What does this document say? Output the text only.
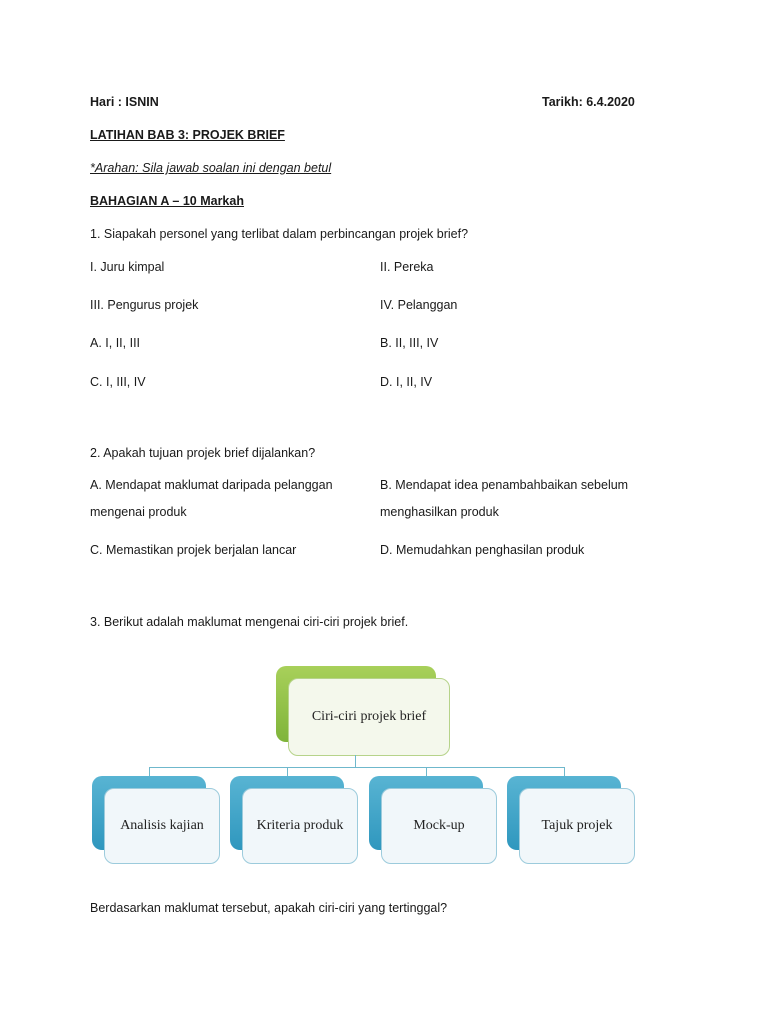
Hari : ISNIN	Tarikh: 6.4.2020
LATIHAN BAB 3: PROJEK BRIEF
*Arahan: Sila jawab soalan ini dengan betul
BAHAGIAN A – 10 Markah
1. Siapakah personel yang terlibat dalam perbincangan projek brief?
I. Juru kimpal	II. Pereka
III. Pengurus projek	IV. Pelanggan
A. I, II, III	B. II, III, IV
C. I, III, IV	D. I, II, IV
2. Apakah tujuan projek brief dijalankan?
A. Mendapat maklumat daripada pelanggan
mengenai produk
B. Mendapat idea penambahbaikan sebelum
menghasilkan produk
C. Memastikan projek berjalan lancar	D. Memudahkan penghasilan produk
3. Berikut adalah maklumat mengenai ciri-ciri projek brief.
Ciri-ciri projek brief
Analisis kajian	Kriteria produk	Mock-up	Tajuk projek
Berdasarkan maklumat tersebut, apakah ciri-ciri yang tertinggal?
